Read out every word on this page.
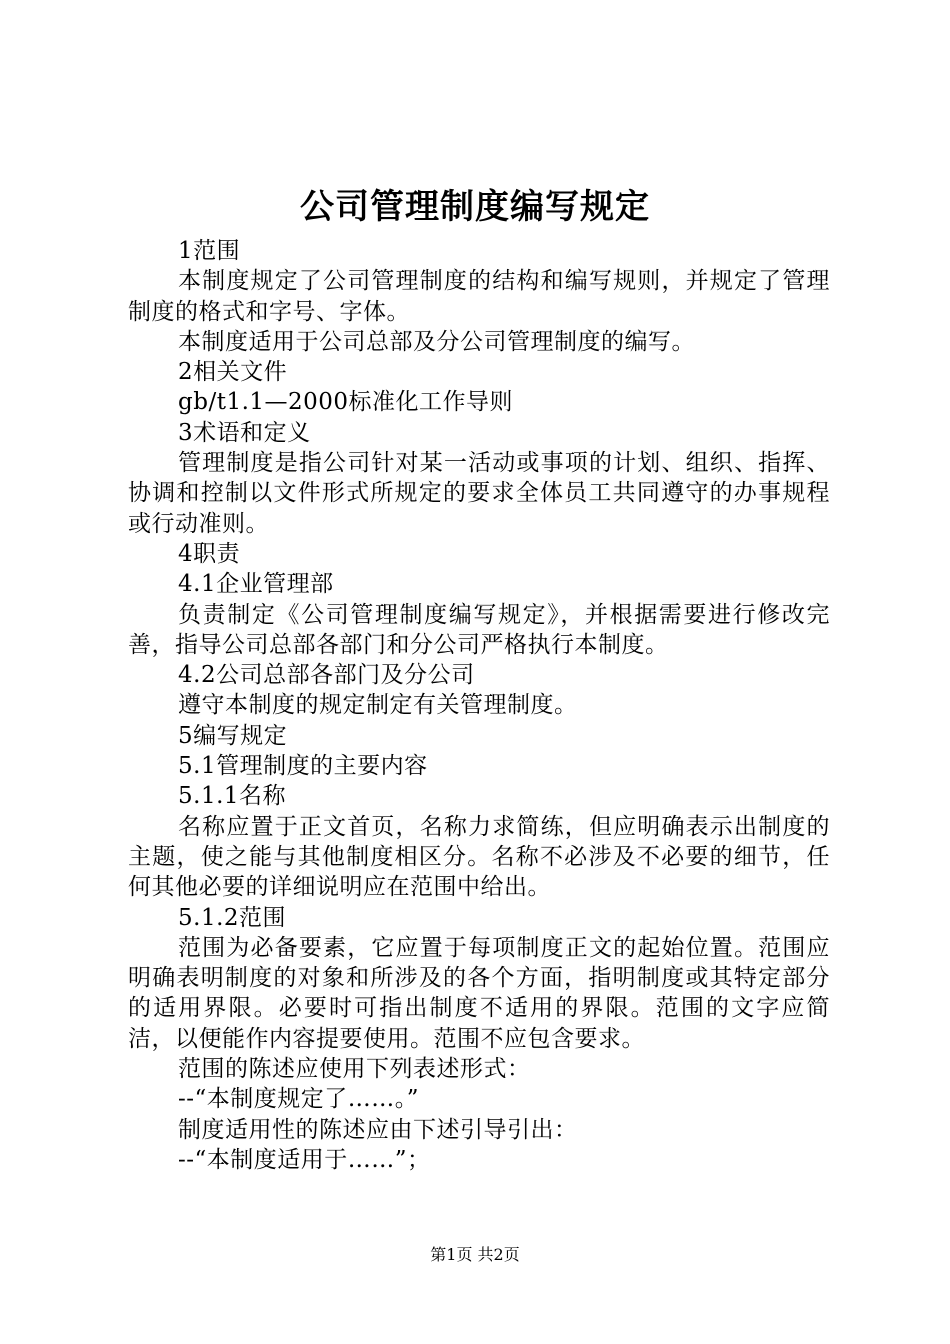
公司管理制度编写规定

1范围

本制度规定了公司管理制度的结构和编写规则，并规定了管理制度的格式和字号、字体。

本制度适用于公司总部及分公司管理制度的编写。

2相关文件

gb/t1.1—2000标准化工作导则

3术语和定义

管理制度是指公司针对某一活动或事项的计划、组织、指挥、协调和控制以文件形式所规定的要求全体员工共同遵守的办事规程或行动准则。

4职责

4.1企业管理部

负责制定《公司管理制度编写规定》，并根据需要进行修改完善，指导公司总部各部门和分公司严格执行本制度。

4.2公司总部各部门及分公司

遵守本制度的规定制定有关管理制度。

5编写规定

5.1管理制度的主要内容

5.1.1名称

名称应置于正文首页，名称力求简练，但应明确表示出制度的主题，使之能与其他制度相区分。名称不必涉及不必要的细节，任何其他必要的详细说明应在范围中给出。

5.1.2范围

范围为必备要素，它应置于每项制度正文的起始位置。范围应明确表明制度的对象和所涉及的各个方面，指明制度或其特定部分的适用界限。必要时可指出制度不适用的界限。范围的文字应简洁，以便能作内容提要使用。范围不应包含要求。

范围的陈述应使用下列表述形式：

--“本制度规定了……。”

制度适用性的陈述应由下述引导引出：

--“本制度适用于……”；

第1页 共2页
